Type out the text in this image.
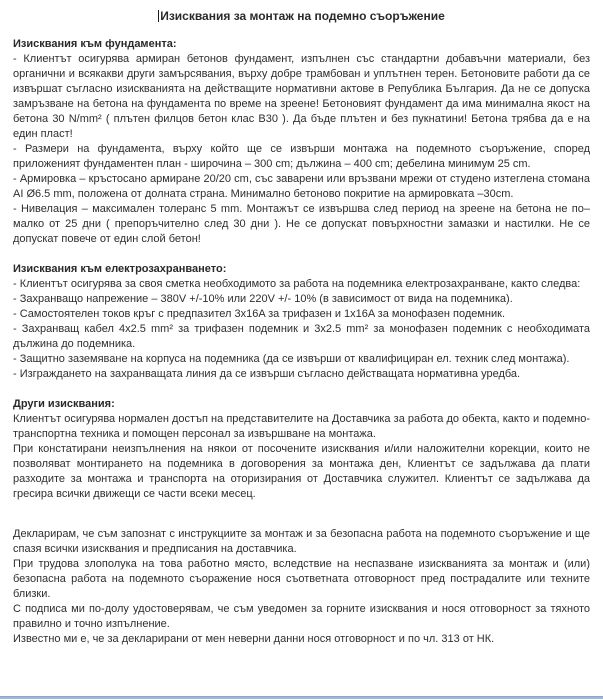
Изисквания за монтаж на подемно съоръжение
Изисквания към фундамента:

- Клиентът осигурява армиран бетонов фундамент, изпълнен със стандартни добавъчни материали, без органични и всякакви други замърсявания, върху добре трамбован и уплътнен терен. Бетоновите работи да се извършат съгласно изискванията на действащите нормативни актове в Република България. Да не се допуска замръзване на бетона на фундамента по време на зреене! Бетоновият фундамент да има минимална якост на бетона 30 N/mm² ( плътен филцов бетон клас B30 ). Да бъде плътен и без пукнатини! Бетона трябва да е на един пласт!

- Размери на фундамента, върху който ще се извърши монтажа на подемното съоръжение, според приложеният фундаментен план - широчина – 300 cm; дължина – 400 cm; дебелина минимум 25 cm.

- Армировка – кръстосано армиране 20/20 cm, със заварени или връзвани мрежи от студено изтеглена стомана AI Ø6.5 mm, положена от долната страна. Минимално бетоново покритие на армировката –30cm.

- Нивелация – максимален толеранс 5 mm. Монтажът се извършва след период на зреене на бетона не по–малко от 25 дни ( препоръчително след 30 дни ). Не се допускат повърхностни замазки и настилки. Не се допускат повече от един слой бетон!

Изисквания към електрозахранването:

- Клиентът осигурява за своя сметка необходимото за работа на подемника електрозахранване, както следва:

- Захранващо напрежение – 380V +/-10% или 220V +/- 10% (в зависимост от вида на подемника).

- Самостоятелен токов кръг с предпазител 3x16A за трифазен и 1x16A за монофазен подемник.

- Захранващ кабел 4x2.5 mm² за трифазен подемник и 3x2.5 mm² за монофазен подемник с необходимата дължина до подемника.

- Защитно заземяване на корпуса на подемника (да се извърши от квалифициран ел. техник след монтажа).

- Изграждането на захранващата линия да се извърши съгласно действащата нормативна уредба.

Други изисквания:

Клиентът осигурява нормален достъп на представителите на Доставчика за работа до обекта, както и подемно-транспортна техника и помощен персонал за извършване на монтажа.

При констатирани неизпълнения на някои от посочените изисквания и/или наложителни корекции, които не позволяват монтирането на подемника в договорения за монтажа ден, Клиентът се задължава да плати разходите за монтажа и транспорта на оторизирания от Доставчика служител. Клиентът се задължава да гресира всички движещи се части всеки месец.

Декларирам, че съм запознат с инструкциите за монтаж и за безопасна работа на подемното съоръжение и ще спазя всички изисквания и предписания на доставчика.

При трудова злополука на това работно място, вследствие на неспазване изискванията за монтаж и (или) безопасна работа на подемното съоражение нося съответната отговорност пред пострадалите или техните близки.

С подписа ми по-долу удостоверявам, че съм уведомен за горните изисквания и нося отговорност за тяхното правилно и точно изпълнение.

Известно ми е, че за декларирани от мен неверни данни нося отговорност и по чл. 313 от НК.
